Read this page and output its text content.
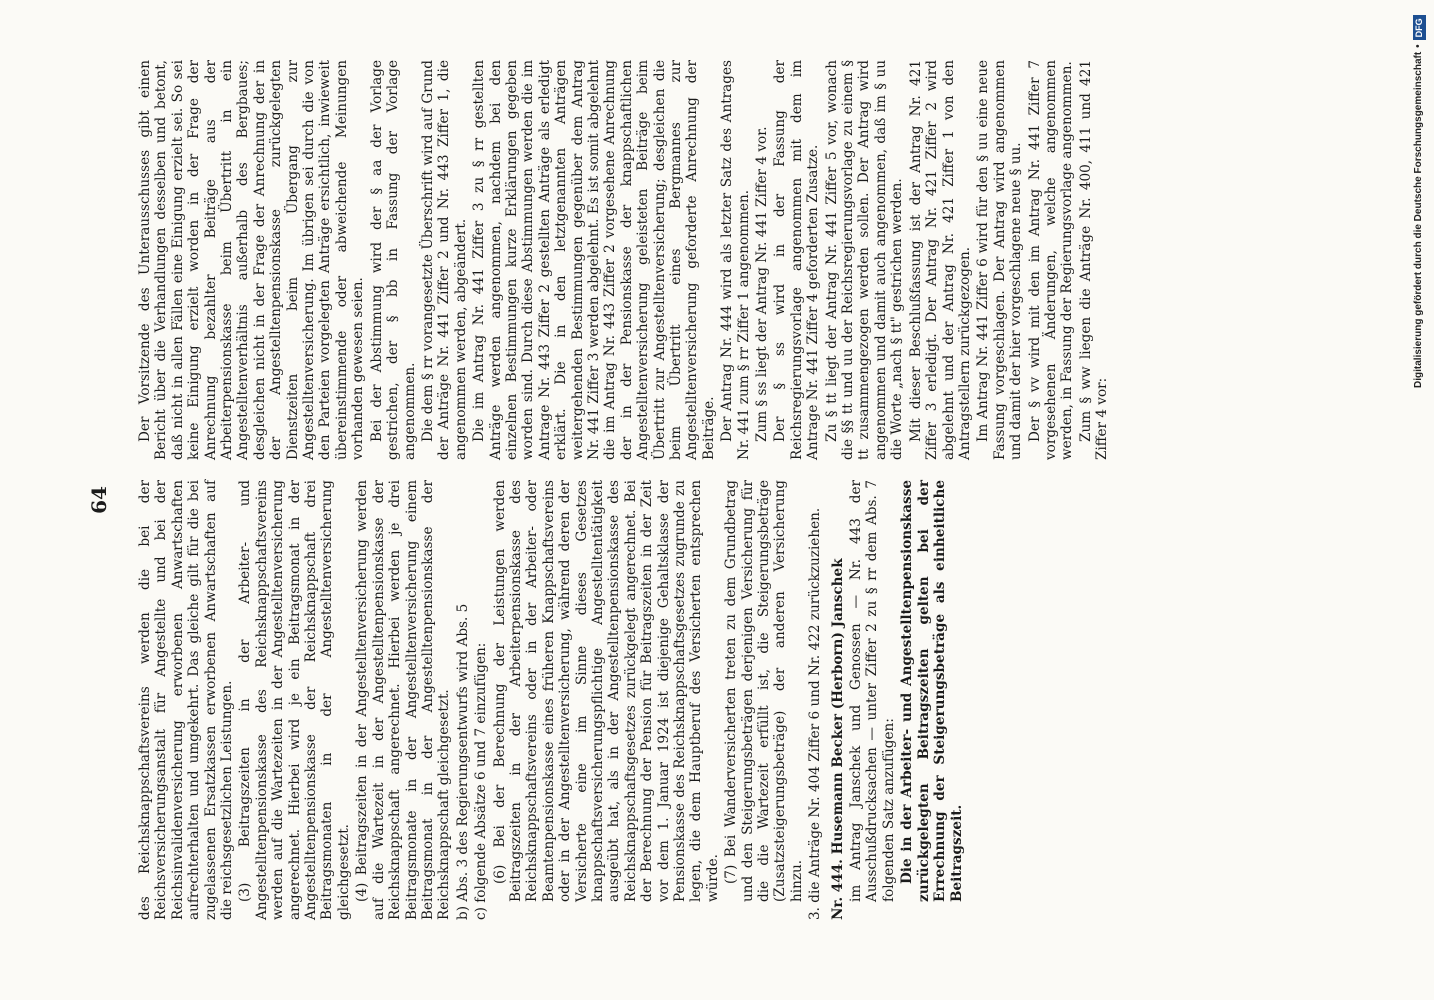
64 des Reichsknappschaftsvereins werden die bei der Reichsversicherungsanstalt für Angestellte und bei der Reichsinvalidenversicherung erworbenen Anwartschaften aufrechterhalten und umgekehrt. Das gleiche gilt für die bei zugelassenen Ersatzkassen erworbenen Anwartschaften auf die reichsgesetzlichen Leistungen. (3) Beitragszeiten in der Arbeiter- und Angestelltenpensionskasse des Reichsknappschaftsvereins werden auf die Wartezeiten in der Angestelltenversicherung angerechnet. Hierbei wird je ein Beitragsmonat in der Angestelltenpensionskasse der Reichsknappschaft drei Beitragsmonaten in der Angestelltenversicherung gleichgesetzt. (4) Beitragszeiten in der Angestelltenversicherung werden auf die Wartezeit in der Angestelltenpensionskasse der Reichsknappschaft angerechnet. Hierbei werden je drei Beitragsmonate in der Angestelltenversicherung einem Beitragsmonat in der Angestelltenpensionskasse der Reichsknappschaft gleichgesetzt. b) Abs. 3 des Regierungsentwurfs wird Abs. 5 c) folgende Absätze 6 und 7 einzufügen: (6) Bei der Berechnung der Leistungen werden Beitragszeiten in der Arbeiterpensionskasse des Reichsknappschaftsvereins oder in der Arbeiter- oder Beamtenpensionskasse eines früheren Knappschaftsvereins oder in der Angestelltenversicherung, während deren der Versicherte eine im Sinne dieses Gesetzes knappschaftsversicherungspflichtige Angestelltentätigkeit ausgeübt hat, als in der Angestelltenpensionskasse des Reichsknappschaftsgesetzes zurückgelegt angerechnet. Bei der Berechnung der Pension für Beitragszeiten in der Zeit vor dem 1. Januar 1924 ist diejenige Gehaltsklasse der Pensionskasse des Reichsknappschaftsgesetzes zugrunde zu legen, die dem Hauptberuf des Versicherten entsprechen würde. (7) Bei Wanderversicherten treten zu dem Grundbetrag und den Steigerungsbeträgen derjenigen Versicherung für die die Wartezeit erfüllt ist, die Steigerungsbeträge (Zusatzsteigerungsbeträge) der anderen Versicherung hinzu. 3. die Anträge Nr. 404 Ziffer 6 und Nr. 422 zurückzuziehen. Nr. 444. Husemann Becker (Herborn) Janschek im Antrag Janschek und Genossen — Nr. 443 der Ausschußdrucksachen — unter Ziffer 2 zu § rr dem Abs. 7 folgenden Satz anzufügen: Die in der Arbeiter- und Angestelltenpensionskasse zurückgelegten Beitragszeiten gelten bei der Errechnung der Steigerungsbeträge als einheitliche Beitragszeit.

Der Vorsitzende des Unterausschusses gibt einen Bericht über die Verhandlungen desselben und betont, daß nicht in allen Fällen eine Einigung erzielt sei. So sei keine Einigung erzielt worden in der Frage der Anrechnung bezahlter Beiträge aus der Arbeiterpensionskasse beim Übertritt in ein Angestelltenverhältnis außerhalb des Bergbaues; desgleichen nicht in der Frage der Anrechnung der in der Angestelltenpensionskasse zurückgelegten Dienstzeiten beim Übergang zur Angestelltenversicherung. Im übrigen sei durch die von den Parteien vorgelegten Anträge ersichtlich, inwieweit übereinstimmende oder abweichende Meinungen vorhanden gewesen seien. Bei der Abstimmung wird der § aa der Vorlage gestrichen, der § bb in Fassung der Vorlage angenommen. Die dem § rr vorangesetzte Überschrift wird auf Grund der Anträge Nr. 441 Ziffer 2 und Nr. 443 Ziffer 1, die angenommen werden, abgeändert. Die im Antrag Nr. 441 Ziffer 3 zu § rr gestellten Anträge werden angenommen, nachdem bei den einzelnen Bestimmungen kurze Erklärungen gegeben worden sind. Durch diese Abstimmungen werden die im Antrage Nr. 443 Ziffer 2 gestellten Anträge als erledigt erklärt. Die in den letztgenannten Anträgen weitergehenden Bestimmungen gegenüber dem Antrag Nr. 441 Ziffer 3 werden abgelehnt. Es ist somit abgelehnt die im Antrag Nr. 443 Ziffer 2 vorgesehene Anrechnung der in der Pensionskasse der knappschaftlichen Angestelltenversicherung geleisteten Beiträge beim Übertritt zur Angestelltenversicherung; desgleichen die beim Übertritt eines Bergmannes zur Angestelltenversicherung geforderte Anrechnung der Beiträge. Der Antrag Nr. 444 wird als letzter Satz des Antrages Nr. 441 zum § rr Ziffer 1 angenommen. Zum § ss liegt der Antrag Nr. 441 Ziffer 4 vor. Der § ss wird in der Fassung der Reichsregierungsvorlage angenommen mit dem im Antrage Nr. 441 Ziffer 4 geforderten Zusatze. Zu § tt liegt der Antrag Nr. 441 Ziffer 5 vor, wonach die §§ tt und uu der Reichsregierungsvorlage zu einem § tt zusammengezogen werden sollen. Der Antrag wird angenommen und damit auch angenommen, daß im § uu die Worte „nach § tt" gestrichen werden. Mit dieser Beschlußfassung ist der Antrag Nr. 421 Ziffer 3 erledigt. Der Antrag Nr. 421 Ziffer 2 wird abgelehnt und der Antrag Nr. 421 Ziffer 1 von den Antragstellern zurückgezogen. Im Antrag Nr. 441 Ziffer 6 wird für den § uu eine neue Fassung vorgeschlagen. Der Antrag wird angenommen und damit der hier vorgeschlagene neue § uu. Der § vv wird mit den im Antrag Nr. 441 Ziffer 7 vorgesehenen Änderungen, welche angenommen werden, in Fassung der Regierungsvorlage angenommen. Zum § ww liegen die Anträge Nr. 400, 411 und 421 Ziffer 4 vor:

Digitalisierung gefördert durch die Deutsche Forschungsgemeinschaft
•
DFG
